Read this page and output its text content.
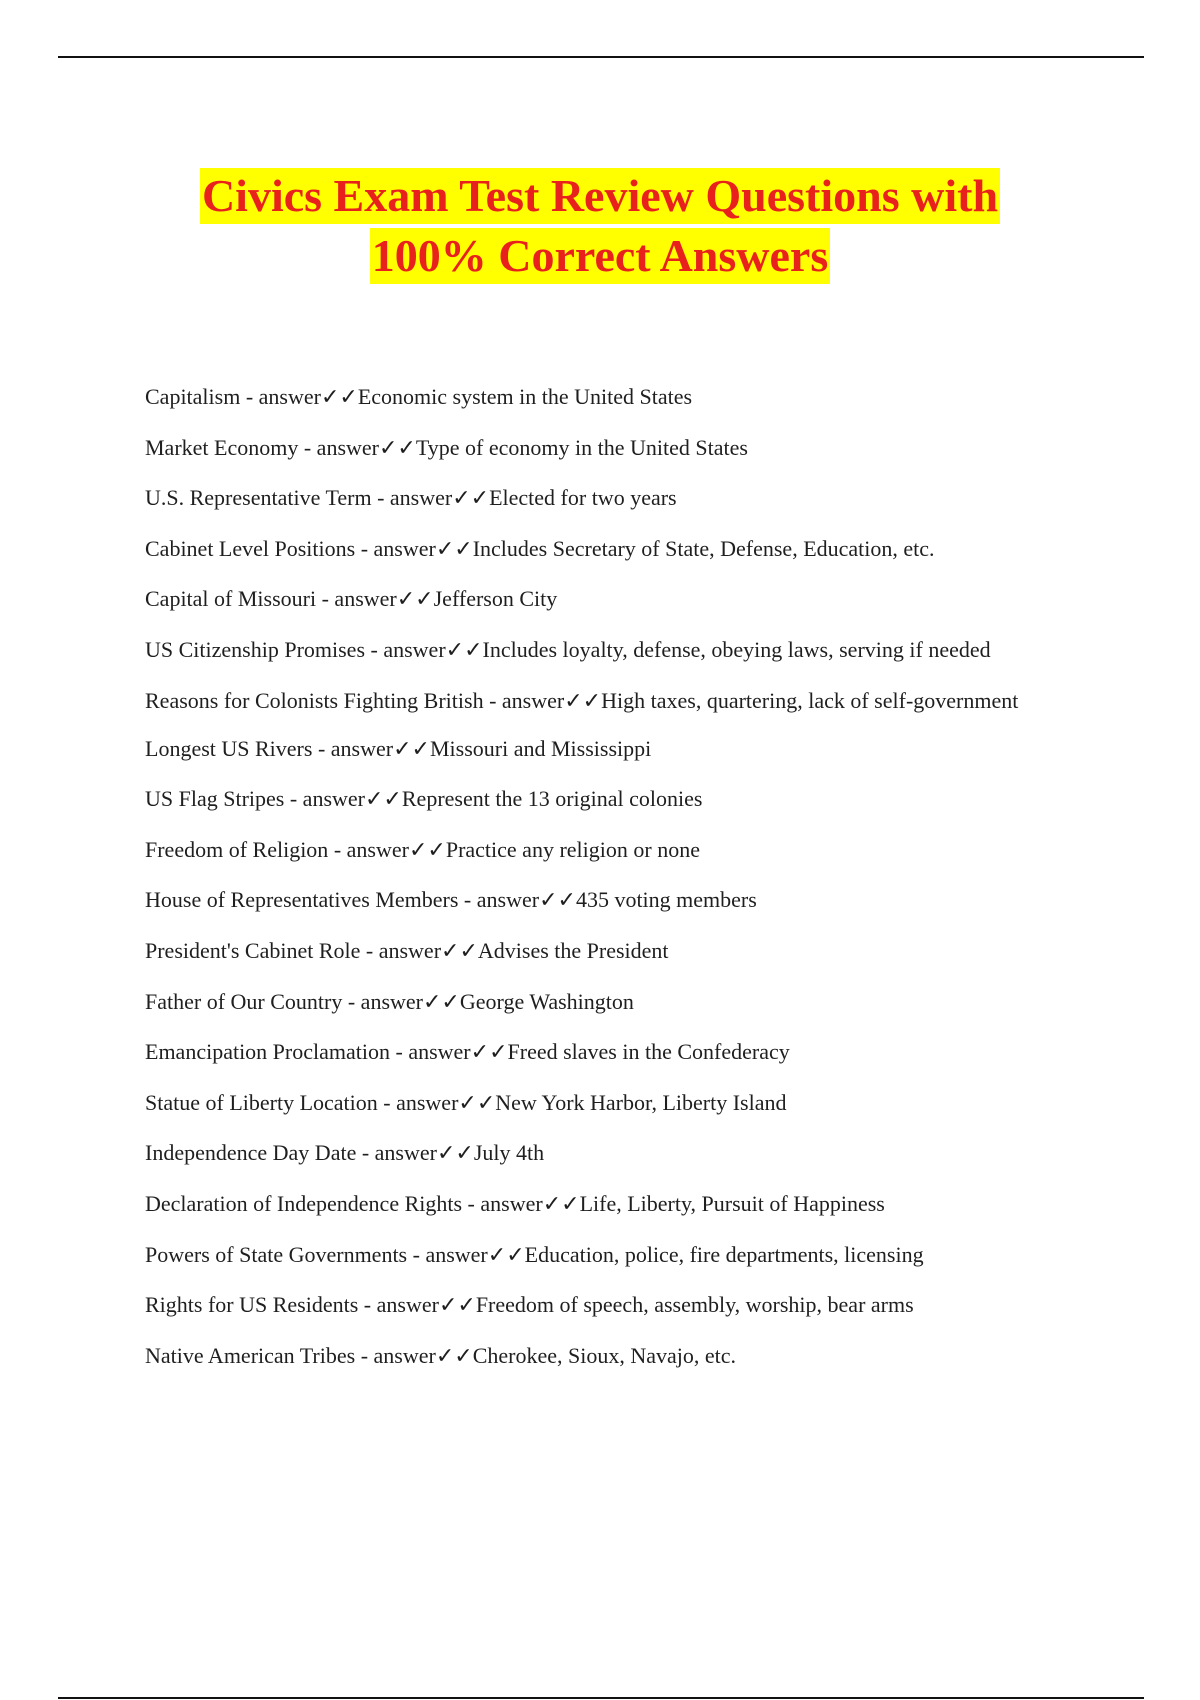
Civics Exam Test Review Questions with
100% Correct Answers
Capitalism - answer✓✓Economic system in the United States
Market Economy - answer✓✓Type of economy in the United States
U.S. Representative Term - answer✓✓Elected for two years
Cabinet Level Positions - answer✓✓Includes Secretary of State, Defense, Education, etc.
Capital of Missouri - answer✓✓Jefferson City
US Citizenship Promises - answer✓✓Includes loyalty, defense, obeying laws, serving if needed
Reasons for Colonists Fighting British - answer✓✓High taxes, quartering, lack of self-government
Longest US Rivers - answer✓✓Missouri and Mississippi
US Flag Stripes - answer✓✓Represent the 13 original colonies
Freedom of Religion - answer✓✓Practice any religion or none
House of Representatives Members - answer✓✓435 voting members
President's Cabinet Role - answer✓✓Advises the President
Father of Our Country - answer✓✓George Washington
Emancipation Proclamation - answer✓✓Freed slaves in the Confederacy
Statue of Liberty Location - answer✓✓New York Harbor, Liberty Island
Independence Day Date - answer✓✓July 4th
Declaration of Independence Rights - answer✓✓Life, Liberty, Pursuit of Happiness
Powers of State Governments - answer✓✓Education, police, fire departments, licensing
Rights for US Residents - answer✓✓Freedom of speech, assembly, worship, bear arms
Native American Tribes - answer✓✓Cherokee, Sioux, Navajo, etc.
